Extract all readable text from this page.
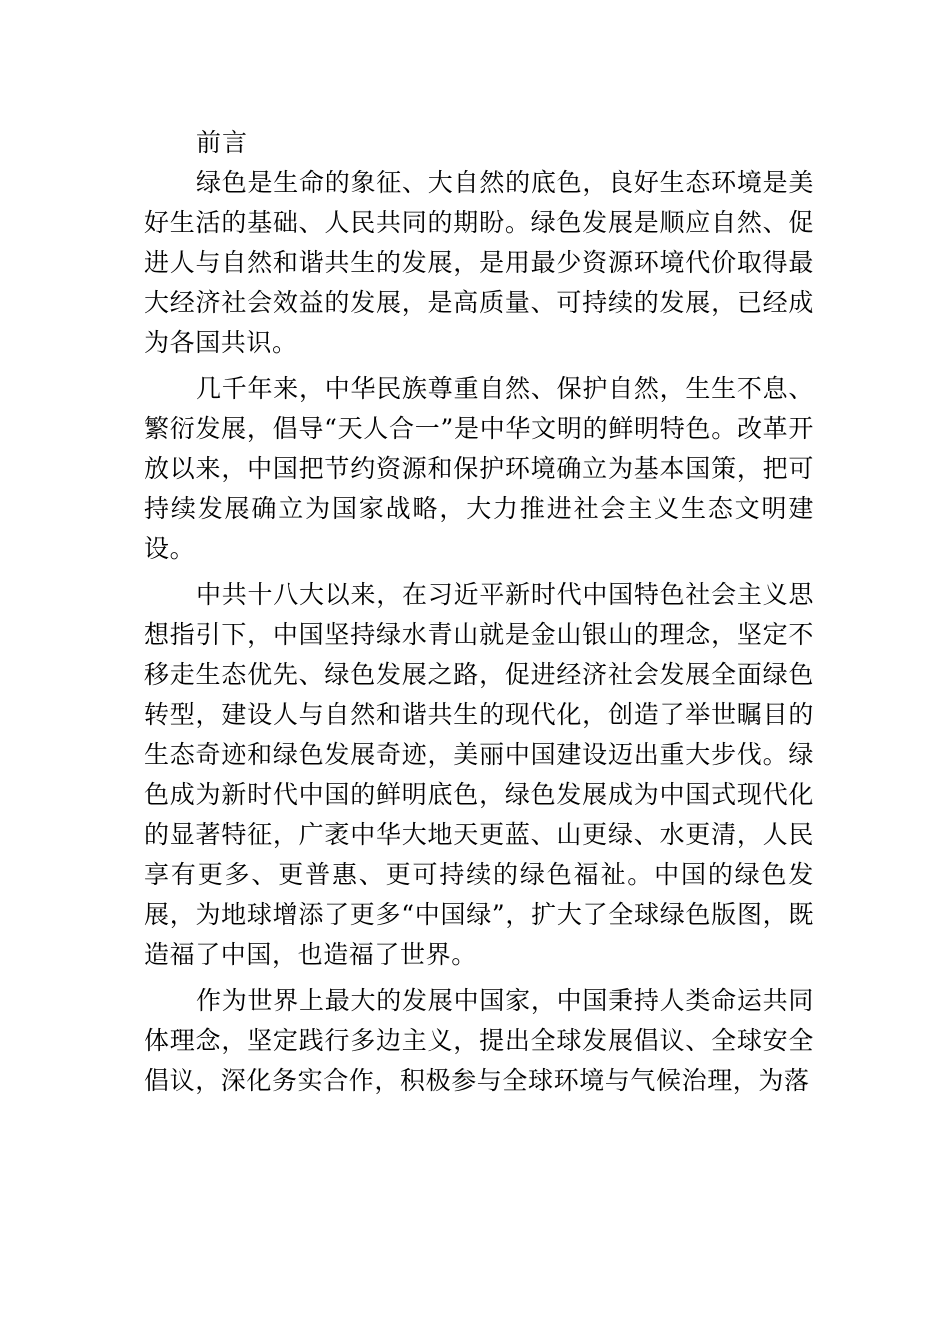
前言

绿色是生命的象征、大自然的底色，良好生态环境是美好生活的基础、人民共同的期盼。绿色发展是顺应自然、促进人与自然和谐共生的发展，是用最少资源环境代价取得最大经济社会效益的发展，是高质量、可持续的发展，已经成为各国共识。

几千年来，中华民族尊重自然、保护自然，生生不息、繁衍发展，倡导“天人合一”是中华文明的鲜明特色。改革开放以来，中国把节约资源和保护环境确立为基本国策，把可持续发展确立为国家战略，大力推进社会主义生态文明建设。

中共十八大以来，在习近平新时代中国特色社会主义思想指引下，中国坚持绿水青山就是金山银山的理念，坚定不移走生态优先、绿色发展之路，促进经济社会发展全面绿色转型，建设人与自然和谐共生的现代化，创造了举世瞩目的生态奇迹和绿色发展奇迹，美丽中国建设迈出重大步伐。绿色成为新时代中国的鲜明底色，绿色发展成为中国式现代化的显著特征，广袤中华大地天更蓝、山更绿、水更清，人民享有更多、更普惠、更可持续的绿色福祉。中国的绿色发展，为地球增添了更多“中国绿”，扩大了全球绿色版图，既造福了中国，也造福了世界。

作为世界上最大的发展中国家，中国秉持人类命运共同体理念，坚定践行多边主义，提出全球发展倡议、全球安全倡议，深化务实合作，积极参与全球环境与气候治理，为落
